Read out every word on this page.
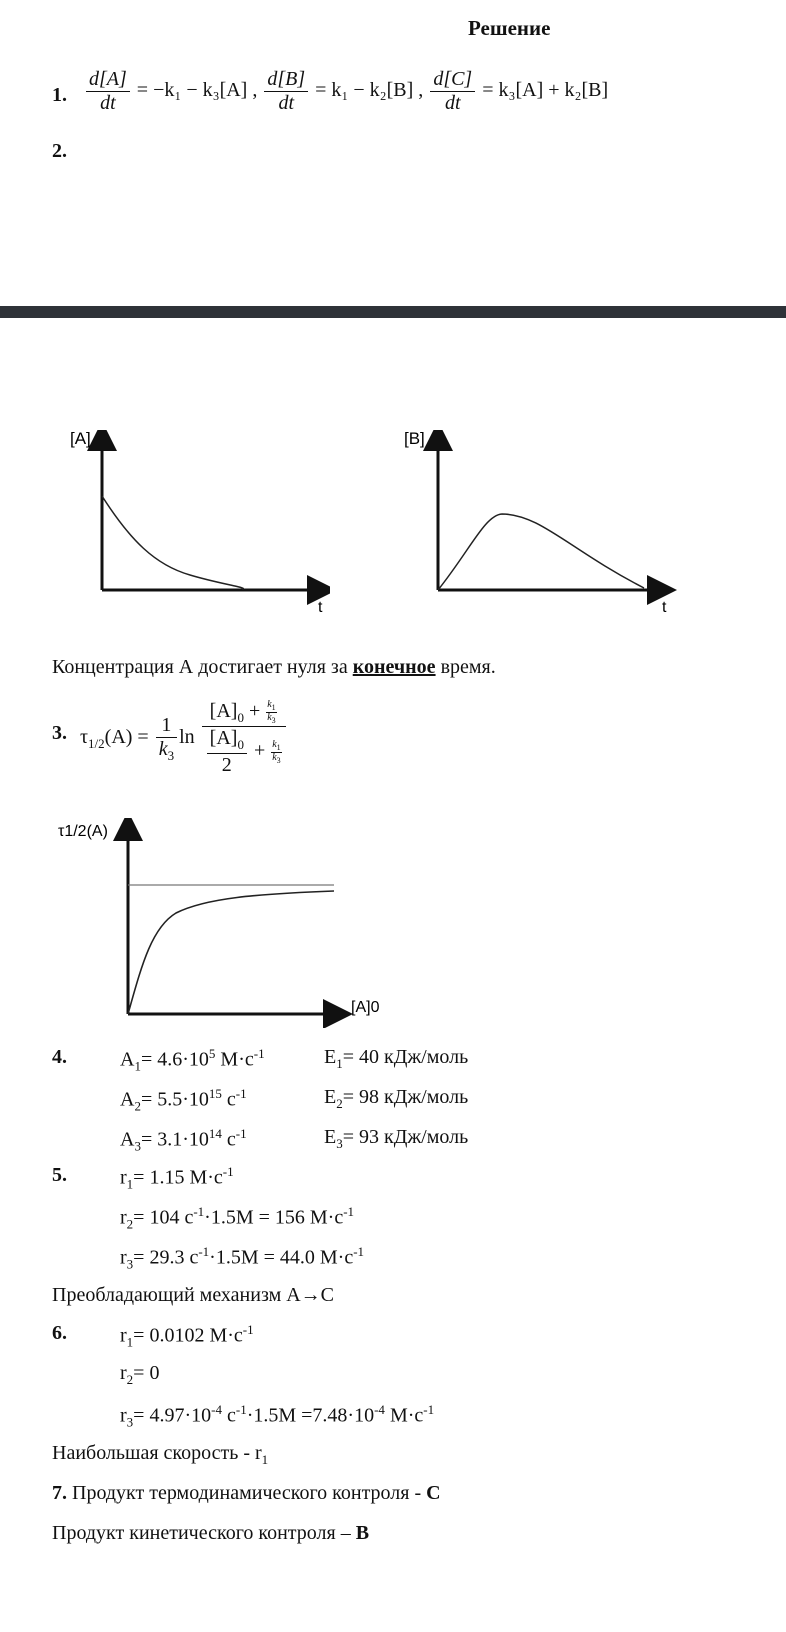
Решение
1. $\frac{d[A]}{dt} = -k_1 - k_3[A]$ , $\frac{d[B]}{dt} = k_1 - k_2[B]$ , $\frac{d[C]}{dt} = k_3[A] + k_2[B]$
2.
[A]
t
[B]
t
Концентрация А достигает нуля за конечное время.
3. $\tau_{1/2}(A) = \frac{1}{k_3}$ $\ln \frac{[A]_0 + \frac{k_1}{k_3}}{\frac{[A]_0}{2} + \frac{k_1}{k_3}}$
τ1/2(A)
[A]0
4.	$A_1= 4.6\cdot 10^5$ $М\cdot с^{-1}$	$E_1= 40$ кДж/моль
$A_2= 5.5\cdot 10^{15}$ $с^{-1}$	$E_2= 98$ кДж/моль
$A_3= 3.1\cdot 10^{14}$ $с^{-1}$	$E_3= 93$ кДж/моль
5.	$r_1= 1.15$ $М\cdot с^{-1}$
$r_2= 104$ $с^{-1}\cdot 1.5М = 156$ $М\cdot с^{-1}$
$r_3= 29.3$ $с^{-1}\cdot 1.5М = 44.0$ $М\cdot с^{-1}$
Преобладающий механизм A→C
6.	$r_1= 0.0102$ $М\cdot с^{-1}$
$r_2= 0$
$r_3= 4.97\cdot 10^{-4}$ $с^{-1}\cdot 1.5М =7.48\cdot 10^{-4}$ $М\cdot с^{-1}$
Наибольшая скорость - $r_1$
7. Продукт термодинамического контроля - C
Продукт кинетического контроля – B
